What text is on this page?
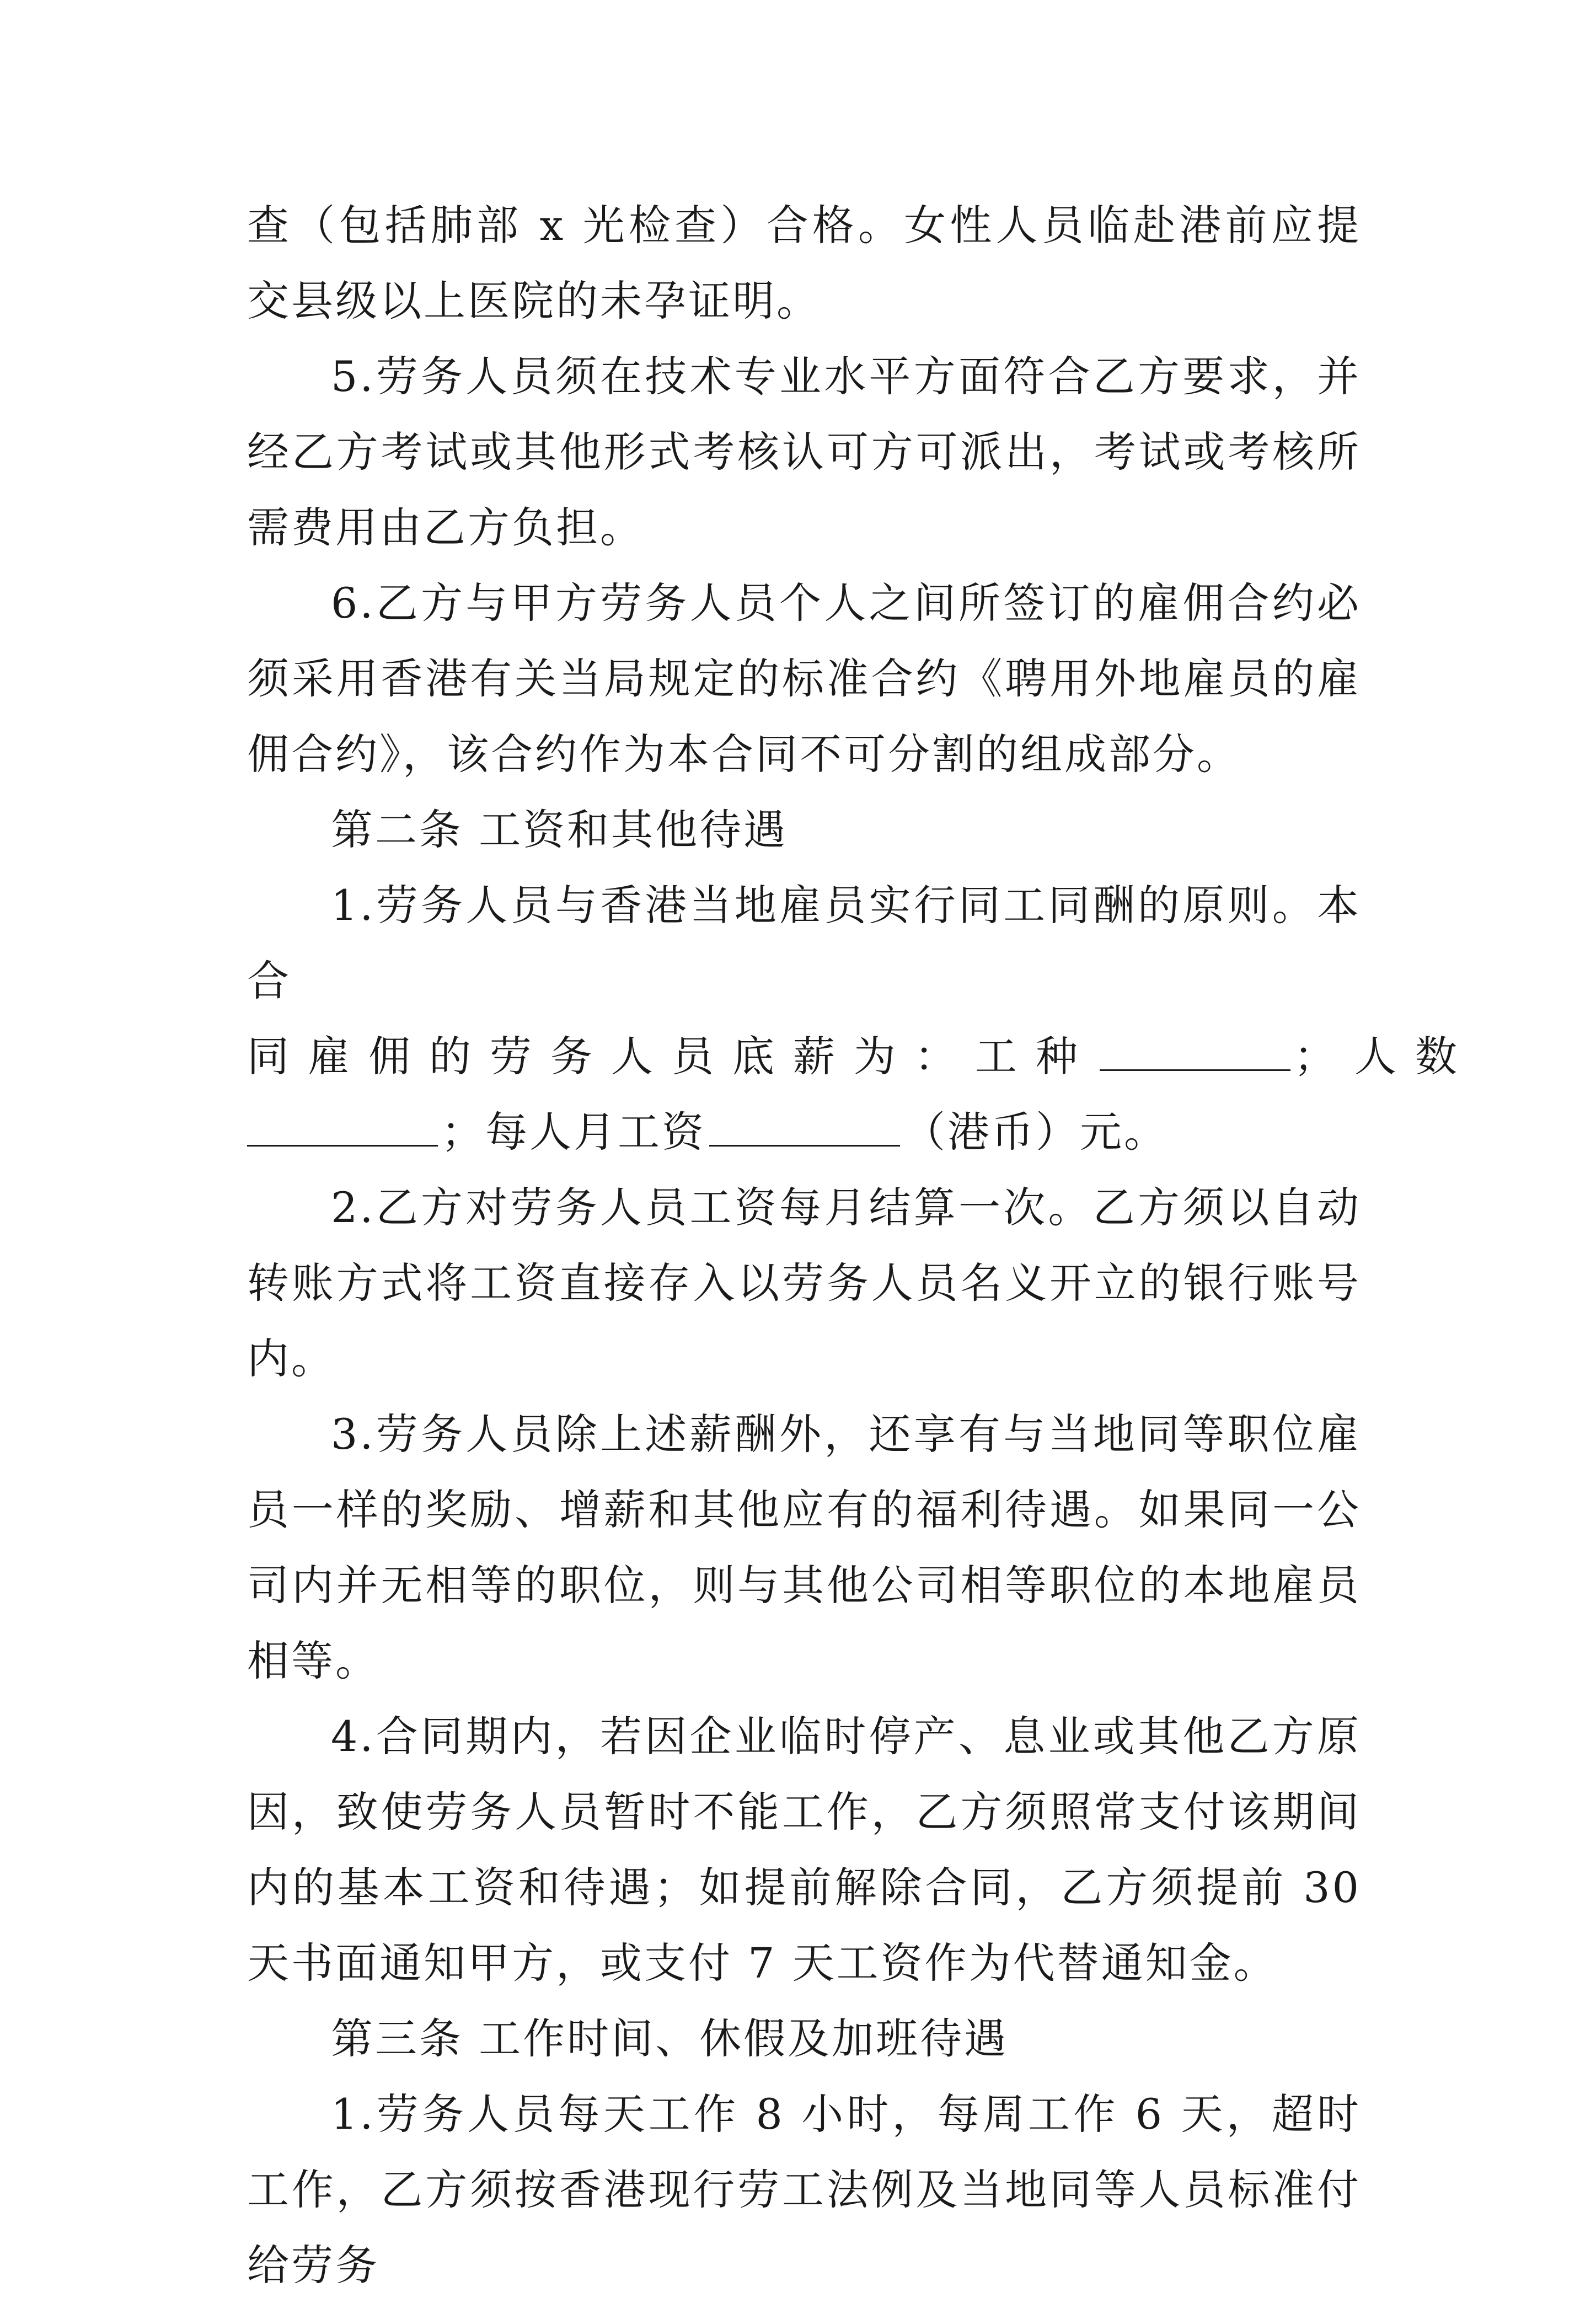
查（包括肺部 x 光检查）合格。女性人员临赴港前应提交县级以上医院的未孕证明。

5.劳务人员须在技术专业水平方面符合乙方要求，并经乙方考试或其他形式考核认可方可派出，考试或考核所需费用由乙方负担。

6.乙方与甲方劳务人员个人之间所签订的雇佣合约必须采用香港有关当局规定的标准合约《聘用外地雇员的雇佣合约》，该合约作为本合同不可分割的组成部分。

第二条 工资和其他待遇

1.劳务人员与香港当地雇员实行同工同酬的原则。本合

同雇佣的劳务人员底薪为：工种	；人数

；每人月工资	（港币）元。

2.乙方对劳务人员工资每月结算一次。乙方须以自动转账方式将工资直接存入以劳务人员名义开立的银行账号内。

3.劳务人员除上述薪酬外，还享有与当地同等职位雇员一样的奖励、增薪和其他应有的福利待遇。如果同一公司内并无相等的职位，则与其他公司相等职位的本地雇员相等。

4.合同期内，若因企业临时停产、息业或其他乙方原因，致使劳务人员暂时不能工作，乙方须照常支付该期间内的基本工资和待遇；如提前解除合同，乙方须提前 30 天书面通知甲方，或支付 7 天工资作为代替通知金。

第三条 工作时间、休假及加班待遇

1.劳务人员每天工作 8 小时，每周工作 6 天，超时工作，乙方须按香港现行劳工法例及当地同等人员标准付给劳务
